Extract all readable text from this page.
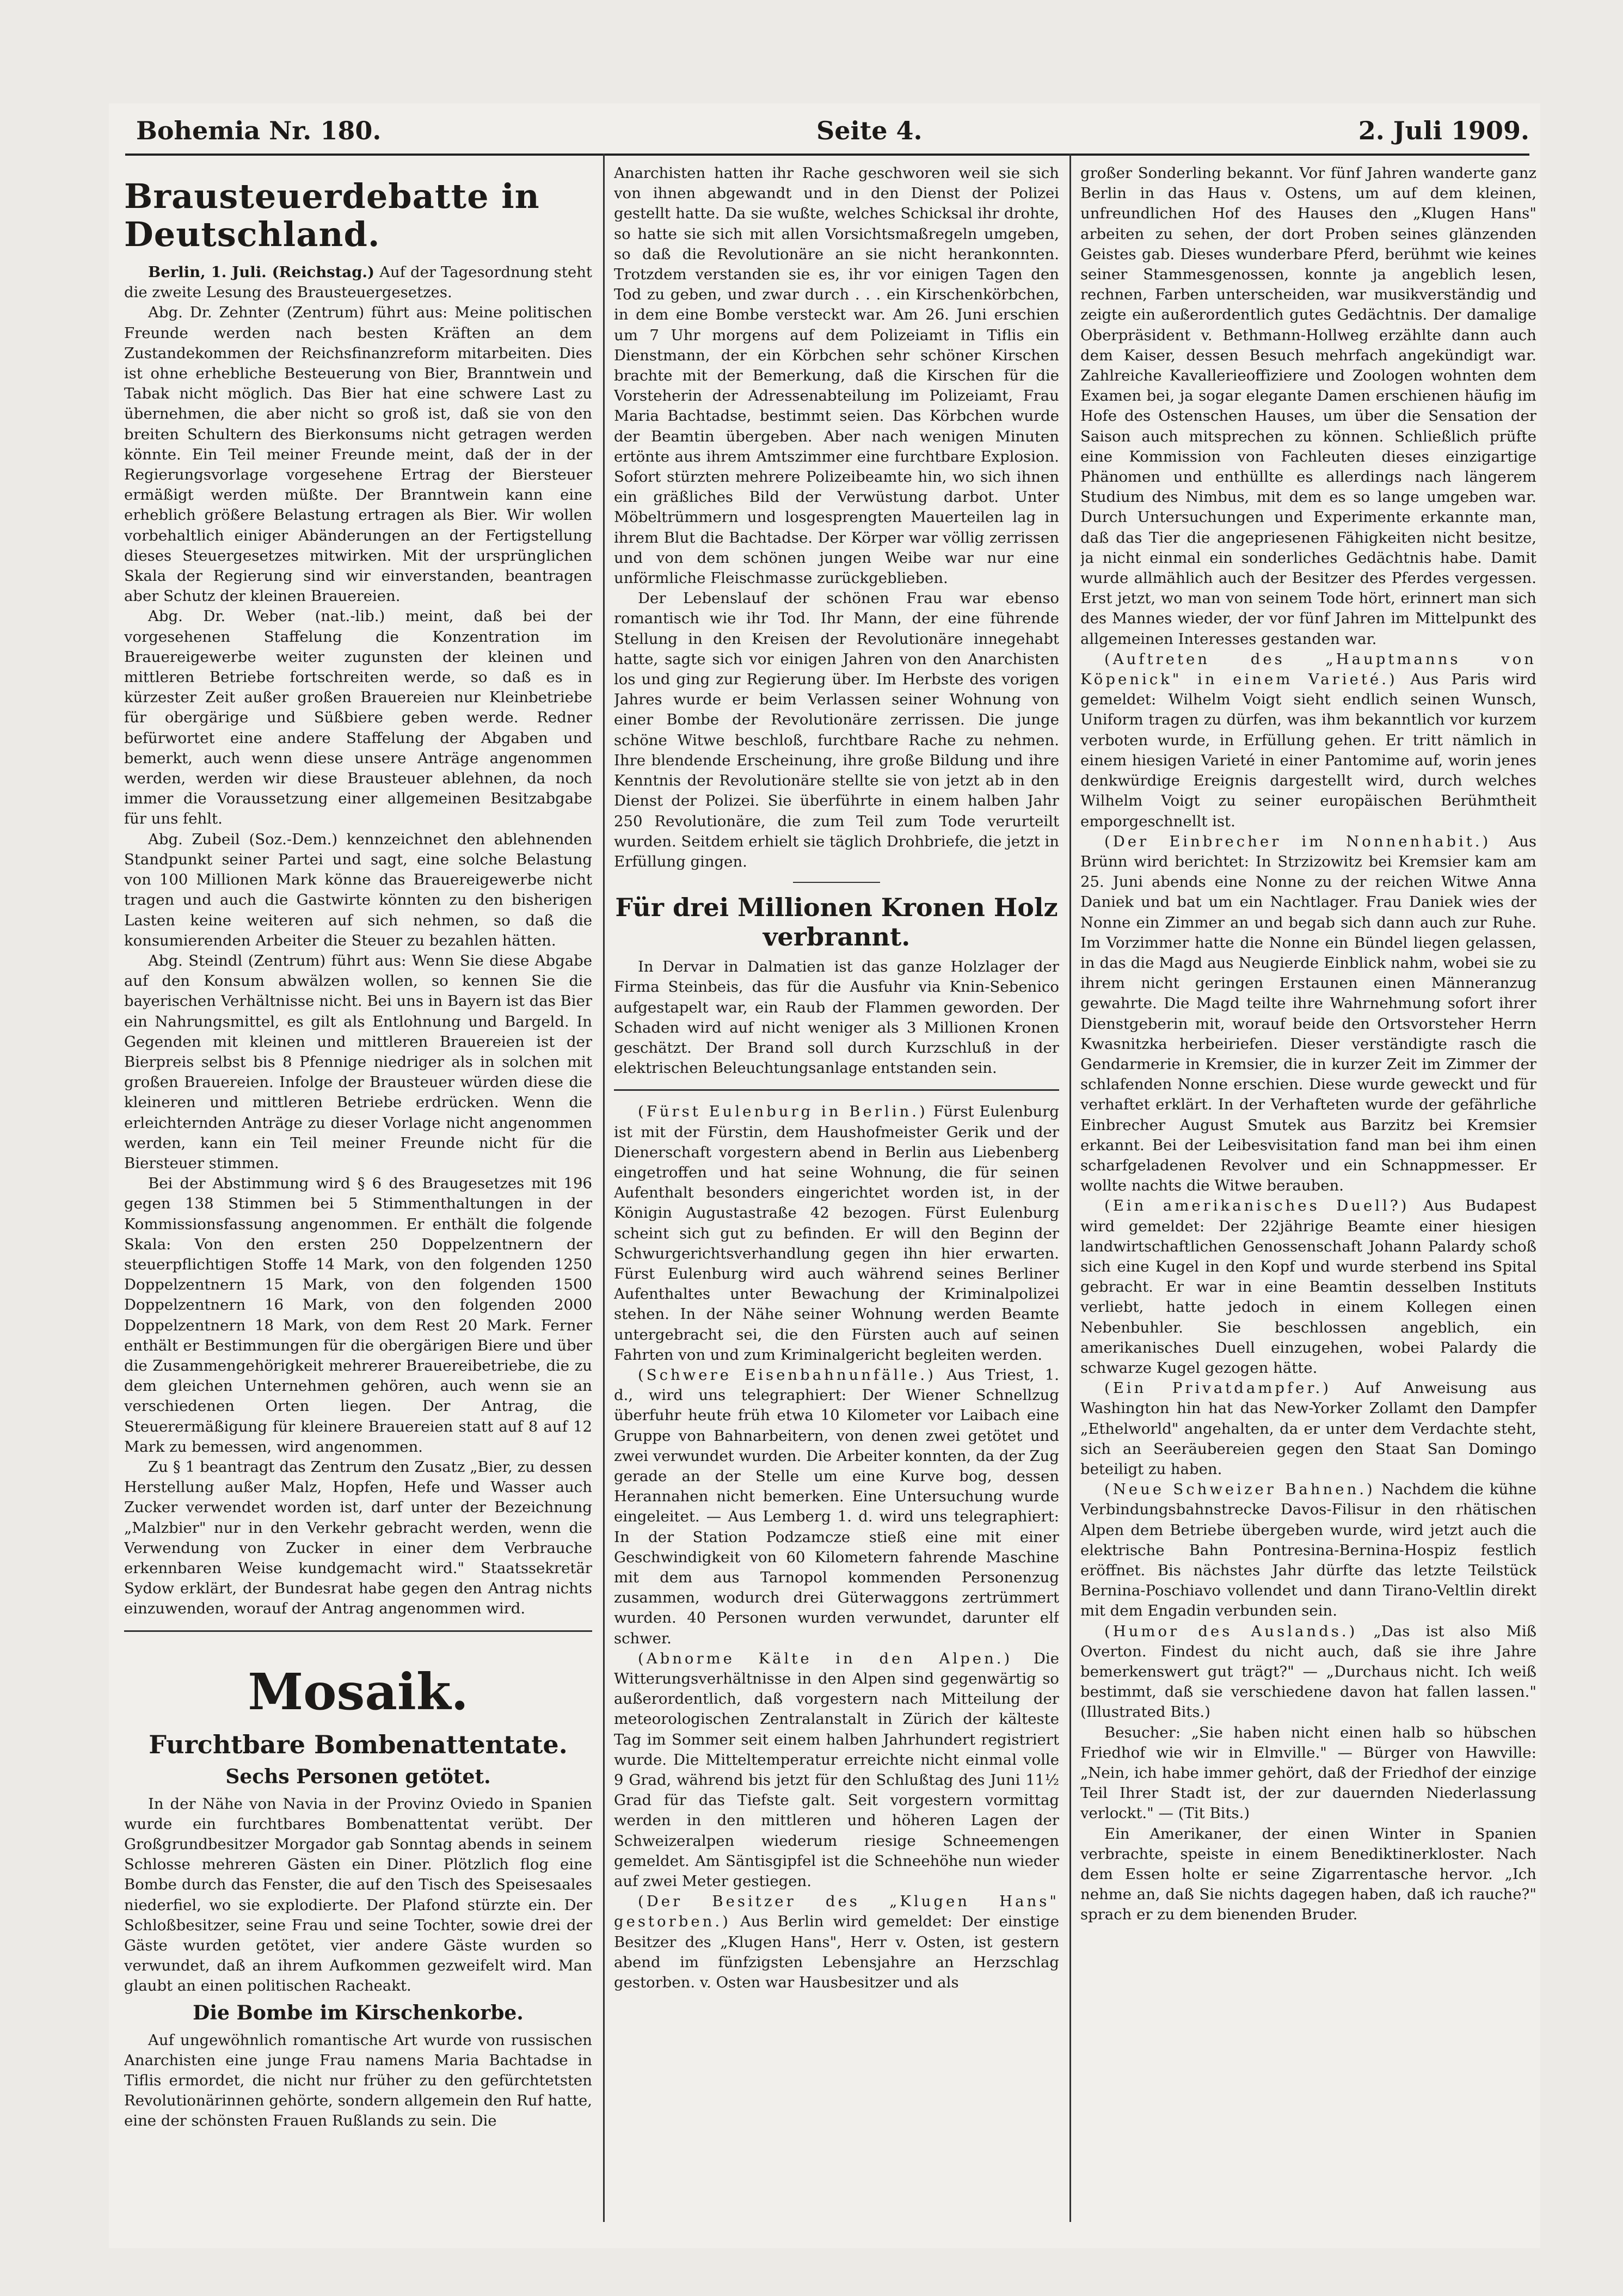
Bohemia Nr. 180.	Seite 4.	2. Juli 1909.
Brausteuerdebatte in Deutschland.

Berlin, 1. Juli. (Reichstag.) Auf der Tagesordnung steht die zweite Lesung des Brausteuergesetzes.

Abg. Dr. Zehnter (Zentrum) führt aus: Meine politischen Freunde werden nach besten Kräften an dem Zustandekommen der Reichsfinanzreform mitarbeiten. Dies ist ohne erhebliche Besteuerung von Bier, Branntwein und Tabak nicht möglich. Das Bier hat eine schwere Last zu übernehmen, die aber nicht so groß ist, daß sie von den breiten Schultern des Bierkonsums nicht getragen werden könnte. Ein Teil meiner Freunde meint, daß der in der Regierungsvorlage vorgesehene Ertrag der Biersteuer ermäßigt werden müßte. Der Branntwein kann eine erheblich größere Belastung ertragen als Bier. Wir wollen vorbehaltlich einiger Abänderungen an der Fertigstellung dieses Steuergesetzes mitwirken. Mit der ursprünglichen Skala der Regierung sind wir einverstanden, beantragen aber Schutz der kleinen Brauereien.

Abg. Dr. Weber (nat.-lib.) meint, daß bei der vorgesehenen Staffelung die Konzentration im Brauereigewerbe weiter zugunsten der kleinen und mittleren Betriebe fortschreiten werde, so daß es in kürzester Zeit außer großen Brauereien nur Kleinbetriebe für obergärige und Süßbiere geben werde. Redner befürwortet eine andere Staffelung der Abgaben und bemerkt, auch wenn diese unsere Anträge angenommen werden, werden wir diese Brausteuer ablehnen, da noch immer die Voraussetzung einer allgemeinen Besitzabgabe für uns fehlt.

Abg. Zubeil (Soz.-Dem.) kennzeichnet den ablehnenden Standpunkt seiner Partei und sagt, eine solche Belastung von 100 Millionen Mark könne das Brauereigewerbe nicht tragen und auch die Gastwirte könnten zu den bisherigen Lasten keine weiteren auf sich nehmen, so daß die konsumierenden Arbeiter die Steuer zu bezahlen hätten.

Abg. Steindl (Zentrum) führt aus: Wenn Sie diese Abgabe auf den Konsum abwälzen wollen, so kennen Sie die bayerischen Verhältnisse nicht. Bei uns in Bayern ist das Bier ein Nahrungsmittel, es gilt als Entlohnung und Bargeld. In Gegenden mit kleinen und mittleren Brauereien ist der Bierpreis selbst bis 8 Pfennige niedriger als in solchen mit großen Brauereien. Infolge der Brausteuer würden diese die kleineren und mittleren Betriebe erdrücken. Wenn die erleichternden Anträge zu dieser Vorlage nicht angenommen werden, kann ein Teil meiner Freunde nicht für die Biersteuer stimmen.

Bei der Abstimmung wird § 6 des Braugesetzes mit 196 gegen 138 Stimmen bei 5 Stimmenthaltungen in der Kommissionsfassung angenommen. Er enthält die folgende Skala: Von den ersten 250 Doppelzentnern der steuerpflichtigen Stoffe 14 Mark, von den folgenden 1250 Doppelzentnern 15 Mark, von den folgenden 1500 Doppelzentnern 16 Mark, von den folgenden 2000 Doppelzentnern 18 Mark, von dem Rest 20 Mark. Ferner enthält er Bestimmungen für die obergärigen Biere und über die Zusammengehörigkeit mehrerer Brauereibetriebe, die zu dem gleichen Unternehmen gehören, auch wenn sie an verschiedenen Orten liegen. Der Antrag, die Steuerermäßigung für kleinere Brauereien statt auf 8 auf 12 Mark zu bemessen, wird angenommen.

Zu § 1 beantragt das Zentrum den Zusatz „Bier, zu dessen Herstellung außer Malz, Hopfen, Hefe und Wasser auch Zucker verwendet worden ist, darf unter der Bezeichnung „Malzbier" nur in den Verkehr gebracht werden, wenn die Verwendung von Zucker in einer dem Verbrauche erkennbaren Weise kundgemacht wird." Staatssekretär Sydow erklärt, der Bundesrat habe gegen den Antrag nichts einzuwenden, worauf der Antrag angenommen wird.

Mosaik.
Furchtbare Bombenattentate.
Sechs Personen getötet.

In der Nähe von Navia in der Provinz Oviedo in Spanien wurde ein furchtbares Bombenattentat verübt. Der Großgrundbesitzer Morgador gab Sonntag abends in seinem Schlosse mehreren Gästen ein Diner. Plötzlich flog eine Bombe durch das Fenster, die auf den Tisch des Speisesaales niederfiel, wo sie explodierte. Der Plafond stürzte ein. Der Schloßbesitzer, seine Frau und seine Tochter, sowie drei der Gäste wurden getötet, vier andere Gäste wurden so verwundet, daß an ihrem Aufkommen gezweifelt wird. Man glaubt an einen politischen Racheakt.

Die Bombe im Kirschenkorbe.

Auf ungewöhnlich romantische Art wurde von russischen Anarchisten eine junge Frau namens Maria Bachtadse in Tiflis ermordet, die nicht nur früher zu den gefürchtetsten Revolutionärinnen gehörte, sondern allgemein den Ruf hatte, eine der schönsten Frauen Rußlands zu sein. Die

Anarchisten hatten ihr Rache geschworen weil sie sich von ihnen abgewandt und in den Dienst der Polizei gestellt hatte. Da sie wußte, welches Schicksal ihr drohte, so hatte sie sich mit allen Vorsichtsmaßregeln umgeben, so daß die Revolutionäre an sie nicht herankonnten. Trotzdem verstanden sie es, ihr vor einigen Tagen den Tod zu geben, und zwar durch . . . ein Kirschenkörbchen, in dem eine Bombe versteckt war. Am 26. Juni erschien um 7 Uhr morgens auf dem Polizeiamt in Tiflis ein Dienstmann, der ein Körbchen sehr schöner Kirschen brachte mit der Bemerkung, daß die Kirschen für die Vorsteherin der Adressenabteilung im Polizeiamt, Frau Maria Bachtadse, bestimmt seien. Das Körbchen wurde der Beamtin übergeben. Aber nach wenigen Minuten ertönte aus ihrem Amtszimmer eine furchtbare Explosion. Sofort stürzten mehrere Polizeibeamte hin, wo sich ihnen ein gräßliches Bild der Verwüstung darbot. Unter Möbeltrümmern und losgesprengten Mauerteilen lag in ihrem Blut die Bachtadse. Der Körper war völlig zerrissen und von dem schönen jungen Weibe war nur eine unförmliche Fleischmasse zurückgeblieben.

Der Lebenslauf der schönen Frau war ebenso romantisch wie ihr Tod. Ihr Mann, der eine führende Stellung in den Kreisen der Revolutionäre innegehabt hatte, sagte sich vor einigen Jahren von den Anarchisten los und ging zur Regierung über. Im Herbste des vorigen Jahres wurde er beim Verlassen seiner Wohnung von einer Bombe der Revolutionäre zerrissen. Die junge schöne Witwe beschloß, furchtbare Rache zu nehmen. Ihre blendende Erscheinung, ihre große Bildung und ihre Kenntnis der Revolutionäre stellte sie von jetzt ab in den Dienst der Polizei. Sie überführte in einem halben Jahr 250 Revolutionäre, die zum Teil zum Tode verurteilt wurden. Seitdem erhielt sie täglich Drohbriefe, die jetzt in Erfüllung gingen.

Für drei Millionen Kronen Holz verbrannt.

In Dervar in Dalmatien ist das ganze Holzlager der Firma Steinbeis, das für die Ausfuhr via Knin-Sebenico aufgestapelt war, ein Raub der Flammen geworden. Der Schaden wird auf nicht weniger als 3 Millionen Kronen geschätzt. Der Brand soll durch Kurzschluß in der elektrischen Beleuchtungsanlage entstanden sein.

(Fürst Eulenburg in Berlin.) Fürst Eulenburg ist mit der Fürstin, dem Haushofmeister Gerik und der Dienerschaft vorgestern abend in Berlin aus Liebenberg eingetroffen und hat seine Wohnung, die für seinen Aufenthalt besonders eingerichtet worden ist, in der Königin Augustastraße 42 bezogen. Fürst Eulenburg scheint sich gut zu befinden. Er will den Beginn der Schwurgerichtsverhandlung gegen ihn hier erwarten. Fürst Eulenburg wird auch während seines Berliner Aufenthaltes unter Bewachung der Kriminalpolizei stehen. In der Nähe seiner Wohnung werden Beamte untergebracht sei, die den Fürsten auch auf seinen Fahrten von und zum Kriminalgericht begleiten werden.

(Schwere Eisenbahnunfälle.) Aus Triest, 1. d., wird uns telegraphiert: Der Wiener Schnellzug überfuhr heute früh etwa 10 Kilometer vor Laibach eine Gruppe von Bahnarbeitern, von denen zwei getötet und zwei verwundet wurden. Die Arbeiter konnten, da der Zug gerade an der Stelle um eine Kurve bog, dessen Herannahen nicht bemerken. Eine Untersuchung wurde eingeleitet. — Aus Lemberg 1. d. wird uns telegraphiert: In der Station Podzamcze stieß eine mit einer Geschwindigkeit von 60 Kilometern fahrende Maschine mit dem aus Tarnopol kommenden Personenzug zusammen, wodurch drei Güterwaggons zertrümmert wurden. 40 Personen wurden verwundet, darunter elf schwer.

(Abnorme Kälte in den Alpen.) Die Witterungsverhältnisse in den Alpen sind gegenwärtig so außerordentlich, daß vorgestern nach Mitteilung der meteorologischen Zentralanstalt in Zürich der kälteste Tag im Sommer seit einem halben Jahrhundert registriert wurde. Die Mitteltemperatur erreichte nicht einmal volle 9 Grad, während bis jetzt für den Schlußtag des Juni 11½ Grad für das Tiefste galt. Seit vorgestern vormittag werden in den mittleren und höheren Lagen der Schweizeralpen wiederum riesige Schneemengen gemeldet. Am Säntisgipfel ist die Schneehöhe nun wieder auf zwei Meter gestiegen.

(Der Besitzer des „Klugen Hans" gestorben.) Aus Berlin wird gemeldet: Der einstige Besitzer des „Klugen Hans", Herr v. Osten, ist gestern abend im fünfzigsten Lebensjahre an Herzschlag gestorben. v. Osten war Hausbesitzer und als

großer Sonderling bekannt. Vor fünf Jahren wanderte ganz Berlin in das Haus v. Ostens, um auf dem kleinen, unfreundlichen Hof des Hauses den „Klugen Hans" arbeiten zu sehen, der dort Proben seines glänzenden Geistes gab. Dieses wunderbare Pferd, berühmt wie keines seiner Stammesgenossen, konnte ja angeblich lesen, rechnen, Farben unterscheiden, war musikverständig und zeigte ein außerordentlich gutes Gedächtnis. Der damalige Oberpräsident v. Bethmann-Hollweg erzählte dann auch dem Kaiser, dessen Besuch mehrfach angekündigt war. Zahlreiche Kavallerieoffiziere und Zoologen wohnten dem Examen bei, ja sogar elegante Damen erschienen häufig im Hofe des Ostenschen Hauses, um über die Sensation der Saison auch mitsprechen zu können. Schließlich prüfte eine Kommission von Fachleuten dieses einzigartige Phänomen und enthüllte es allerdings nach längerem Studium des Nimbus, mit dem es so lange umgeben war. Durch Untersuchungen und Experimente erkannte man, daß das Tier die angepriesenen Fähigkeiten nicht besitze, ja nicht einmal ein sonderliches Gedächtnis habe. Damit wurde allmählich auch der Besitzer des Pferdes vergessen. Erst jetzt, wo man von seinem Tode hört, erinnert man sich des Mannes wieder, der vor fünf Jahren im Mittelpunkt des allgemeinen Interesses gestanden war.

(Auftreten des „Hauptmanns von Köpenick" in einem Varieté.) Aus Paris wird gemeldet: Wilhelm Voigt sieht endlich seinen Wunsch, Uniform tragen zu dürfen, was ihm bekanntlich vor kurzem verboten wurde, in Erfüllung gehen. Er tritt nämlich in einem hiesigen Varieté in einer Pantomime auf, worin jenes denkwürdige Ereignis dargestellt wird, durch welches Wilhelm Voigt zu seiner europäischen Berühmtheit emporgeschnellt ist.

(Der Einbrecher im Nonnenhabit.) Aus Brünn wird berichtet: In Strzizowitz bei Kremsier kam am 25. Juni abends eine Nonne zu der reichen Witwe Anna Daniek und bat um ein Nachtlager. Frau Daniek wies der Nonne ein Zimmer an und begab sich dann auch zur Ruhe. Im Vorzimmer hatte die Nonne ein Bündel liegen gelassen, in das die Magd aus Neugierde Einblick nahm, wobei sie zu ihrem nicht geringen Erstaunen einen Männeranzug gewahrte. Die Magd teilte ihre Wahrnehmung sofort ihrer Dienstgeberin mit, worauf beide den Ortsvorsteher Herrn Kwasnitzka herbeiriefen. Dieser verständigte rasch die Gendarmerie in Kremsier, die in kurzer Zeit im Zimmer der schlafenden Nonne erschien. Diese wurde geweckt und für verhaftet erklärt. In der Verhafteten wurde der gefährliche Einbrecher August Smutek aus Barzitz bei Kremsier erkannt. Bei der Leibesvisitation fand man bei ihm einen scharfgeladenen Revolver und ein Schnappmesser. Er wollte nachts die Witwe berauben.

(Ein amerikanisches Duell?) Aus Budapest wird gemeldet: Der 22jährige Beamte einer hiesigen landwirtschaftlichen Genossenschaft Johann Palardy schoß sich eine Kugel in den Kopf und wurde sterbend ins Spital gebracht. Er war in eine Beamtin desselben Instituts verliebt, hatte jedoch in einem Kollegen einen Nebenbuhler. Sie beschlossen angeblich, ein amerikanisches Duell einzugehen, wobei Palardy die schwarze Kugel gezogen hätte.

(Ein Privatdampfer.) Auf Anweisung aus Washington hin hat das New-Yorker Zollamt den Dampfer „Ethelworld" angehalten, da er unter dem Verdachte steht, sich an Seeräubereien gegen den Staat San Domingo beteiligt zu haben.

(Neue Schweizer Bahnen.) Nachdem die kühne Verbindungsbahnstrecke Davos-Filisur in den rhätischen Alpen dem Betriebe übergeben wurde, wird jetzt auch die elektrische Bahn Pontresina-Bernina-Hospiz festlich eröffnet. Bis nächstes Jahr dürfte das letzte Teilstück Bernina-Poschiavo vollendet und dann Tirano-Veltlin direkt mit dem Engadin verbunden sein.

(Humor des Auslands.) „Das ist also Miß Overton. Findest du nicht auch, daß sie ihre Jahre bemerkenswert gut trägt?" — „Durchaus nicht. Ich weiß bestimmt, daß sie verschiedene davon hat fallen lassen." (Illustrated Bits.)

Besucher: „Sie haben nicht einen halb so hübschen Friedhof wie wir in Elmville." — Bürger von Hawville: „Nein, ich habe immer gehört, daß der Friedhof der einzige Teil Ihrer Stadt ist, der zur dauernden Niederlassung verlockt." — (Tit Bits.)

Ein Amerikaner, der einen Winter in Spanien verbrachte, speiste in einem Benediktinerkloster. Nach dem Essen holte er seine Zigarrentasche hervor. „Ich nehme an, daß Sie nichts dagegen haben, daß ich rauche?" sprach er zu dem bienenden Bruder.
